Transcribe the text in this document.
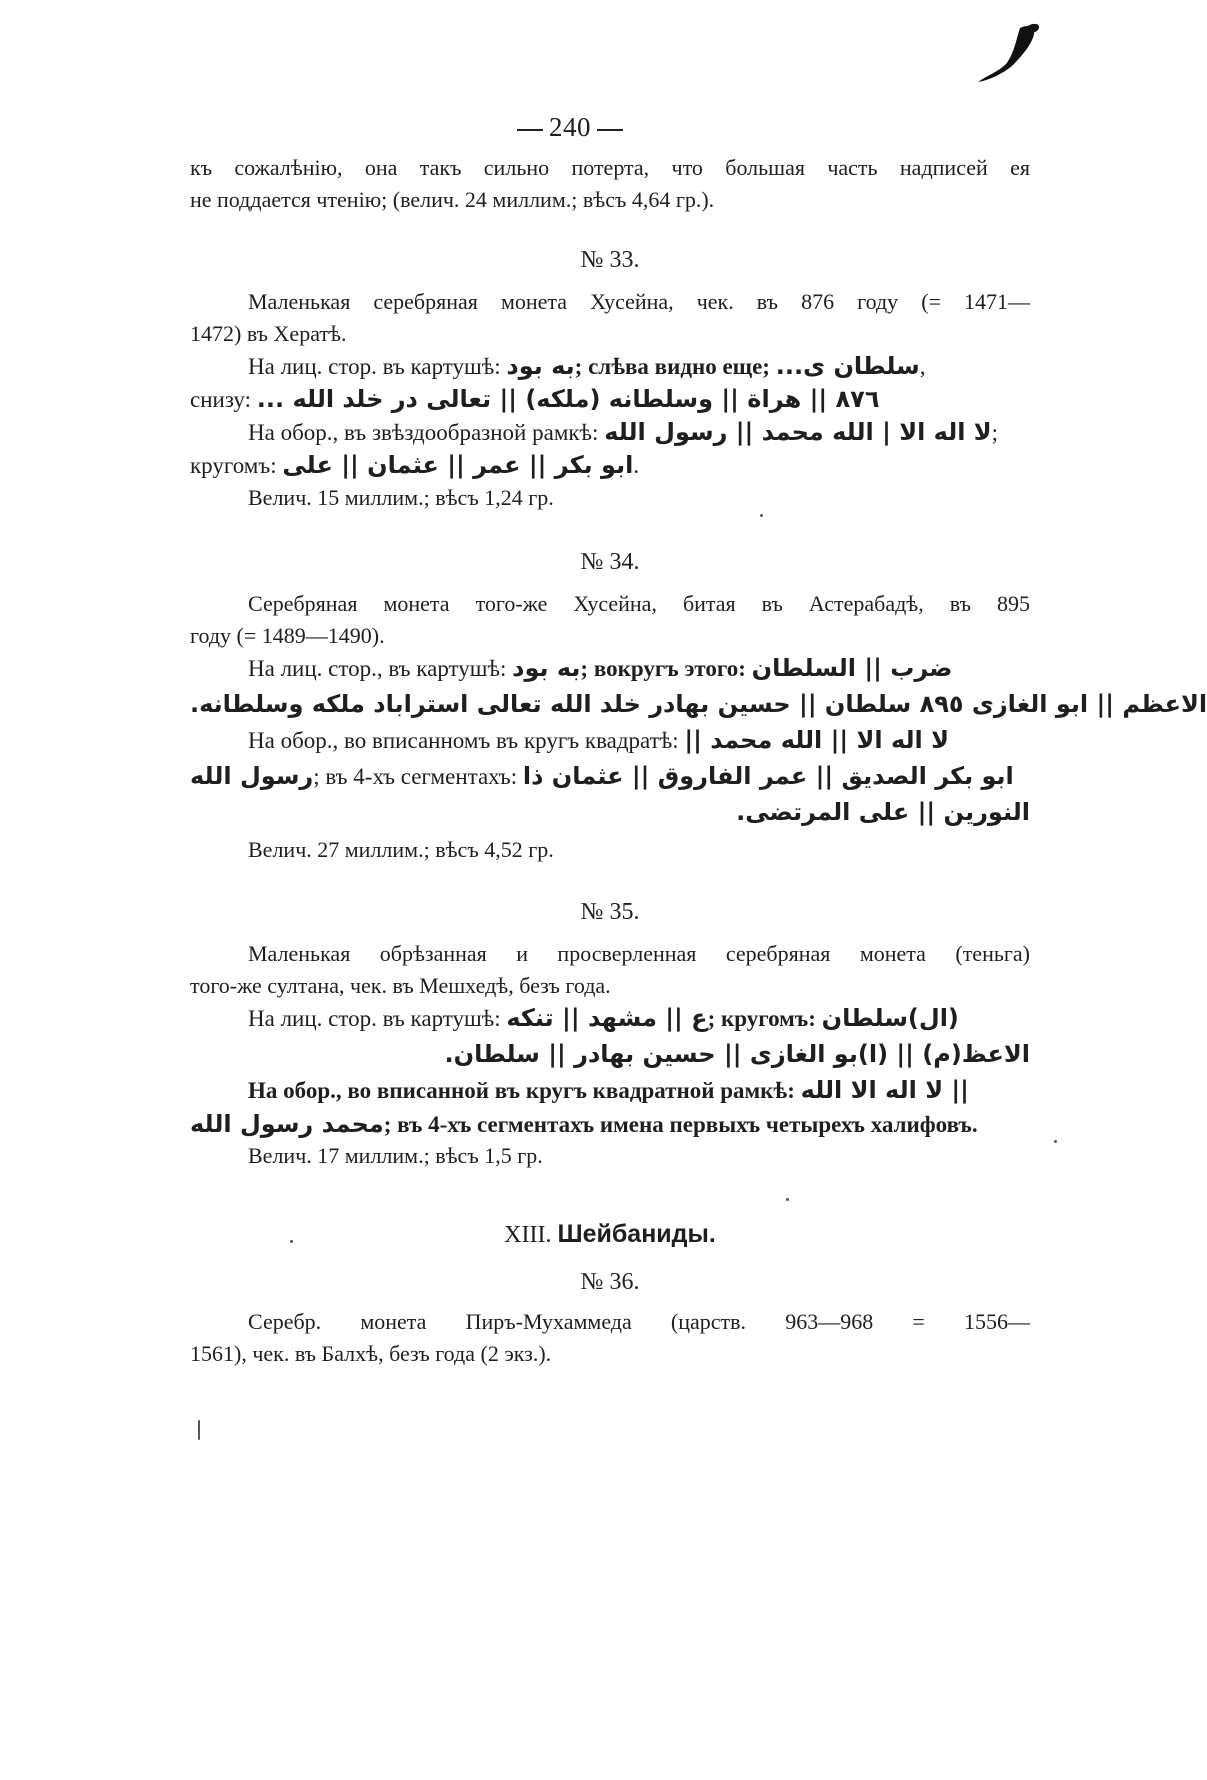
240
къ сожалѣнію, она такъ сильно потерта, что большая часть надписей ея
не поддается чтенію; (велич. 24 миллим.; вѣсъ 4,64 гр.).
№ 33.
Маленькая серебряная монета Хусейна, чек. въ 876 году (= 1471—
1472) въ Хератѣ.
На лиц. стор. въ картушѣ: به بود; слѣва видно еще; سلطان ى...,
снизу: ۸۷٦ || هراة || وسلطانه (ملكه) || تعالى در خلد الله ...
На обор., въ звѣздообразной рамкѣ: لا اله الا | الله محمد || رسول الله;
кругомъ: ابو بكر || عمر || عثمان || على.
Велич. 15 миллим.; вѣсъ 1,24 гр.
№ 34.
Серебряная монета того-же Хусейна, битая въ Астерабадѣ, въ 895
году (= 1489—1490).
На лиц. стор., въ картушѣ: به بود; вокругъ этого: ضرب || السلطان
الاعظم || ابو الغازى ۸۹٥ سلطان || حسين بهادر خلد الله تعالى استراباد ملكه وسلطانه.
На обор., во вписанномъ въ кругъ квадратѣ: لا اله الا || الله محمد ||
رسول الله; въ 4-хъ сегментахъ: ابو بكر الصديق || عمر الفاروق || عثمان ذا
النورين || على المرتضى.
Велич. 27 миллим.; вѣсъ 4,52 гр.
№ 35.
Маленькая обрѣзанная и просверленная серебряная монета (теньга)
того-же султана, чек. въ Мешхедѣ, безъ года.
На лиц. стор. въ картушѣ: ع || مشهد || تنكه; кругомъ: (ال)سلطان
الاعظ(م) || (ا)بو الغازى || حسين بهادر || سلطان.
На обор., во вписанной въ кругъ квадратной рамкѣ: || لا اله الا الله
محمد رسول الله; въ 4-хъ сегментахъ имена первыхъ четырехъ халифовъ.
Велич. 17 миллим.; вѣсъ 1,5 гр.
XIII. Шейбаниды.
№ 36.
Серебр. монета Пиръ-Мухаммеда (царств. 963—968 = 1556—
1561), чек. въ Балхѣ, безъ года (2 экз.).
